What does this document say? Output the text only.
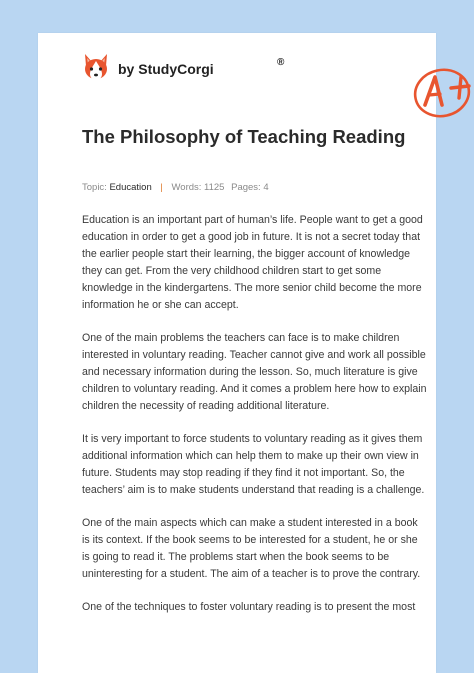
by StudyCorgi	®
The Philosophy of Teaching Reading
Topic: Education | Words: 1125 Pages: 4

Education is an important part of human’s life. People want to get a good education in order to get a good job in future. It is not a secret today that the earlier people start their learning, the bigger account of knowledge they can get. From the very childhood children start to get some knowledge in the kindergartens. The more senior child become the more information he or she can accept.

One of the main problems the teachers can face is to make children interested in voluntary reading. Teacher cannot give and work all possible and necessary information during the lesson. So, much literature is give children to voluntary reading. And it comes a problem here how to explain children the necessity of reading additional literature.

It is very important to force students to voluntary reading as it gives them additional information which can help them to make up their own view in future. Students may stop reading if they find it not important. So, the teachers’ aim is to make students understand that reading is a challenge.

One of the main aspects which can make a student interested in a book is its context. If the book seems to be interested for a student, he or she is going to read it. The problems start when the book seems to be uninteresting for a student. The aim of a teacher is to prove the contrary.

One of the techniques to foster voluntary reading is to present the most
